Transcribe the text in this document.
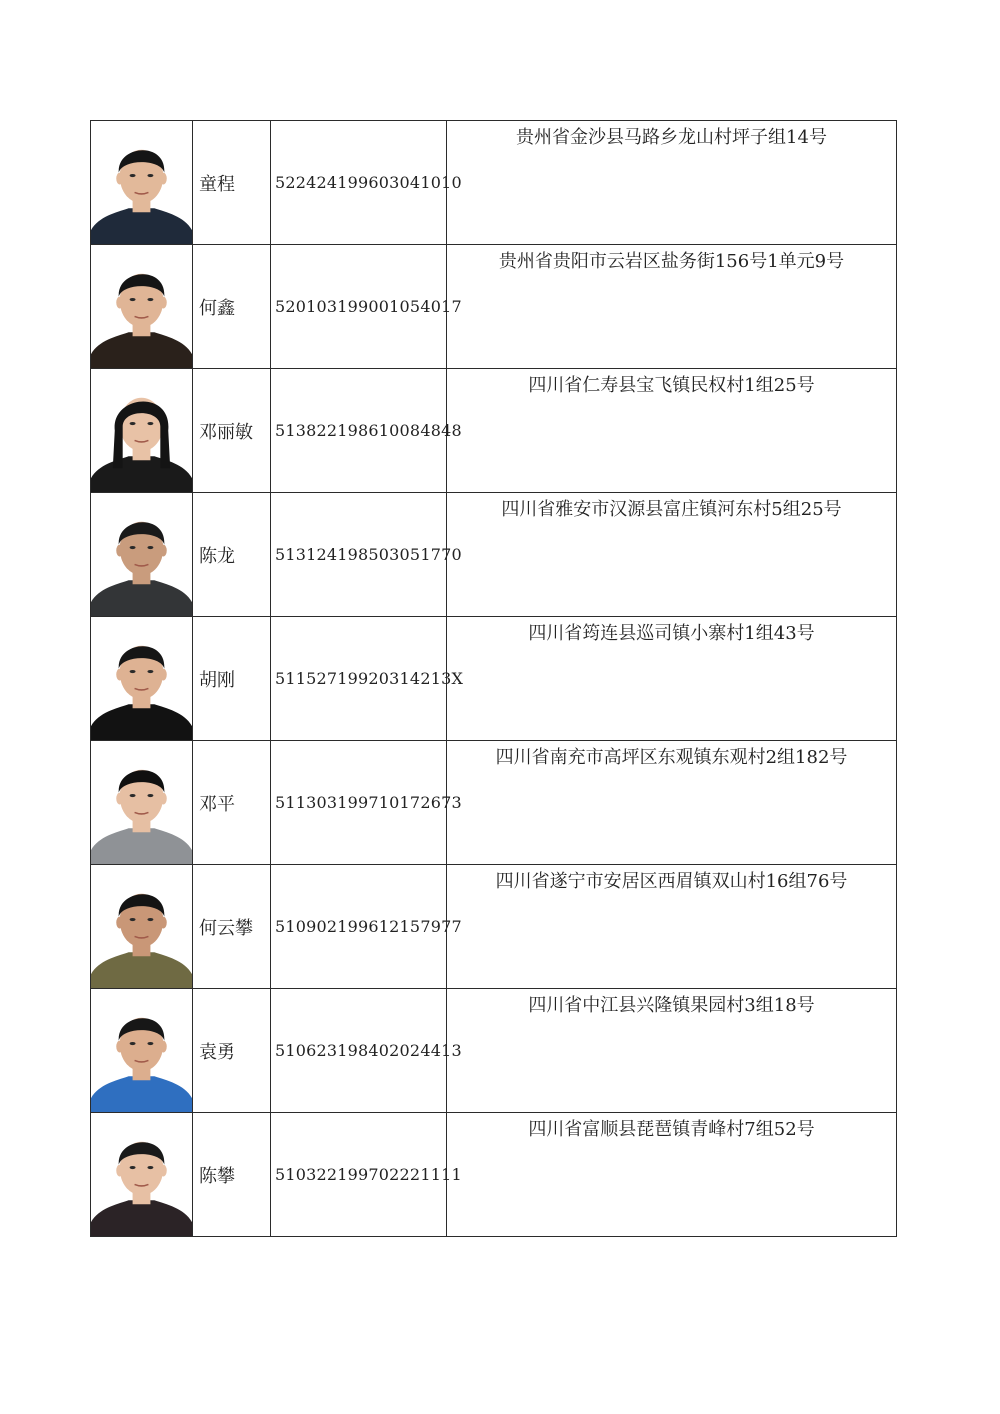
	童程	522424199603041010	贵州省金沙县马路乡龙山村坪子组14号

	何鑫	520103199001054017	贵州省贵阳市云岩区盐务街156号1单元9号

	邓丽敏	513822198610084848	四川省仁寿县宝飞镇民权村1组25号

	陈龙	513124198503051770	四川省雅安市汉源县富庄镇河东村5组25号

	胡刚	51152719920314213X	四川省筠连县巡司镇小寨村1组43号

	邓平	511303199710172673	四川省南充市高坪区东观镇东观村2组182号

	何云攀	510902199612157977	四川省遂宁市安居区西眉镇双山村16组76号

	袁勇	510623198402024413	四川省中江县兴隆镇果园村3组18号

	陈攀	510322199702221111	四川省富顺县琵琶镇青峰村7组52号
